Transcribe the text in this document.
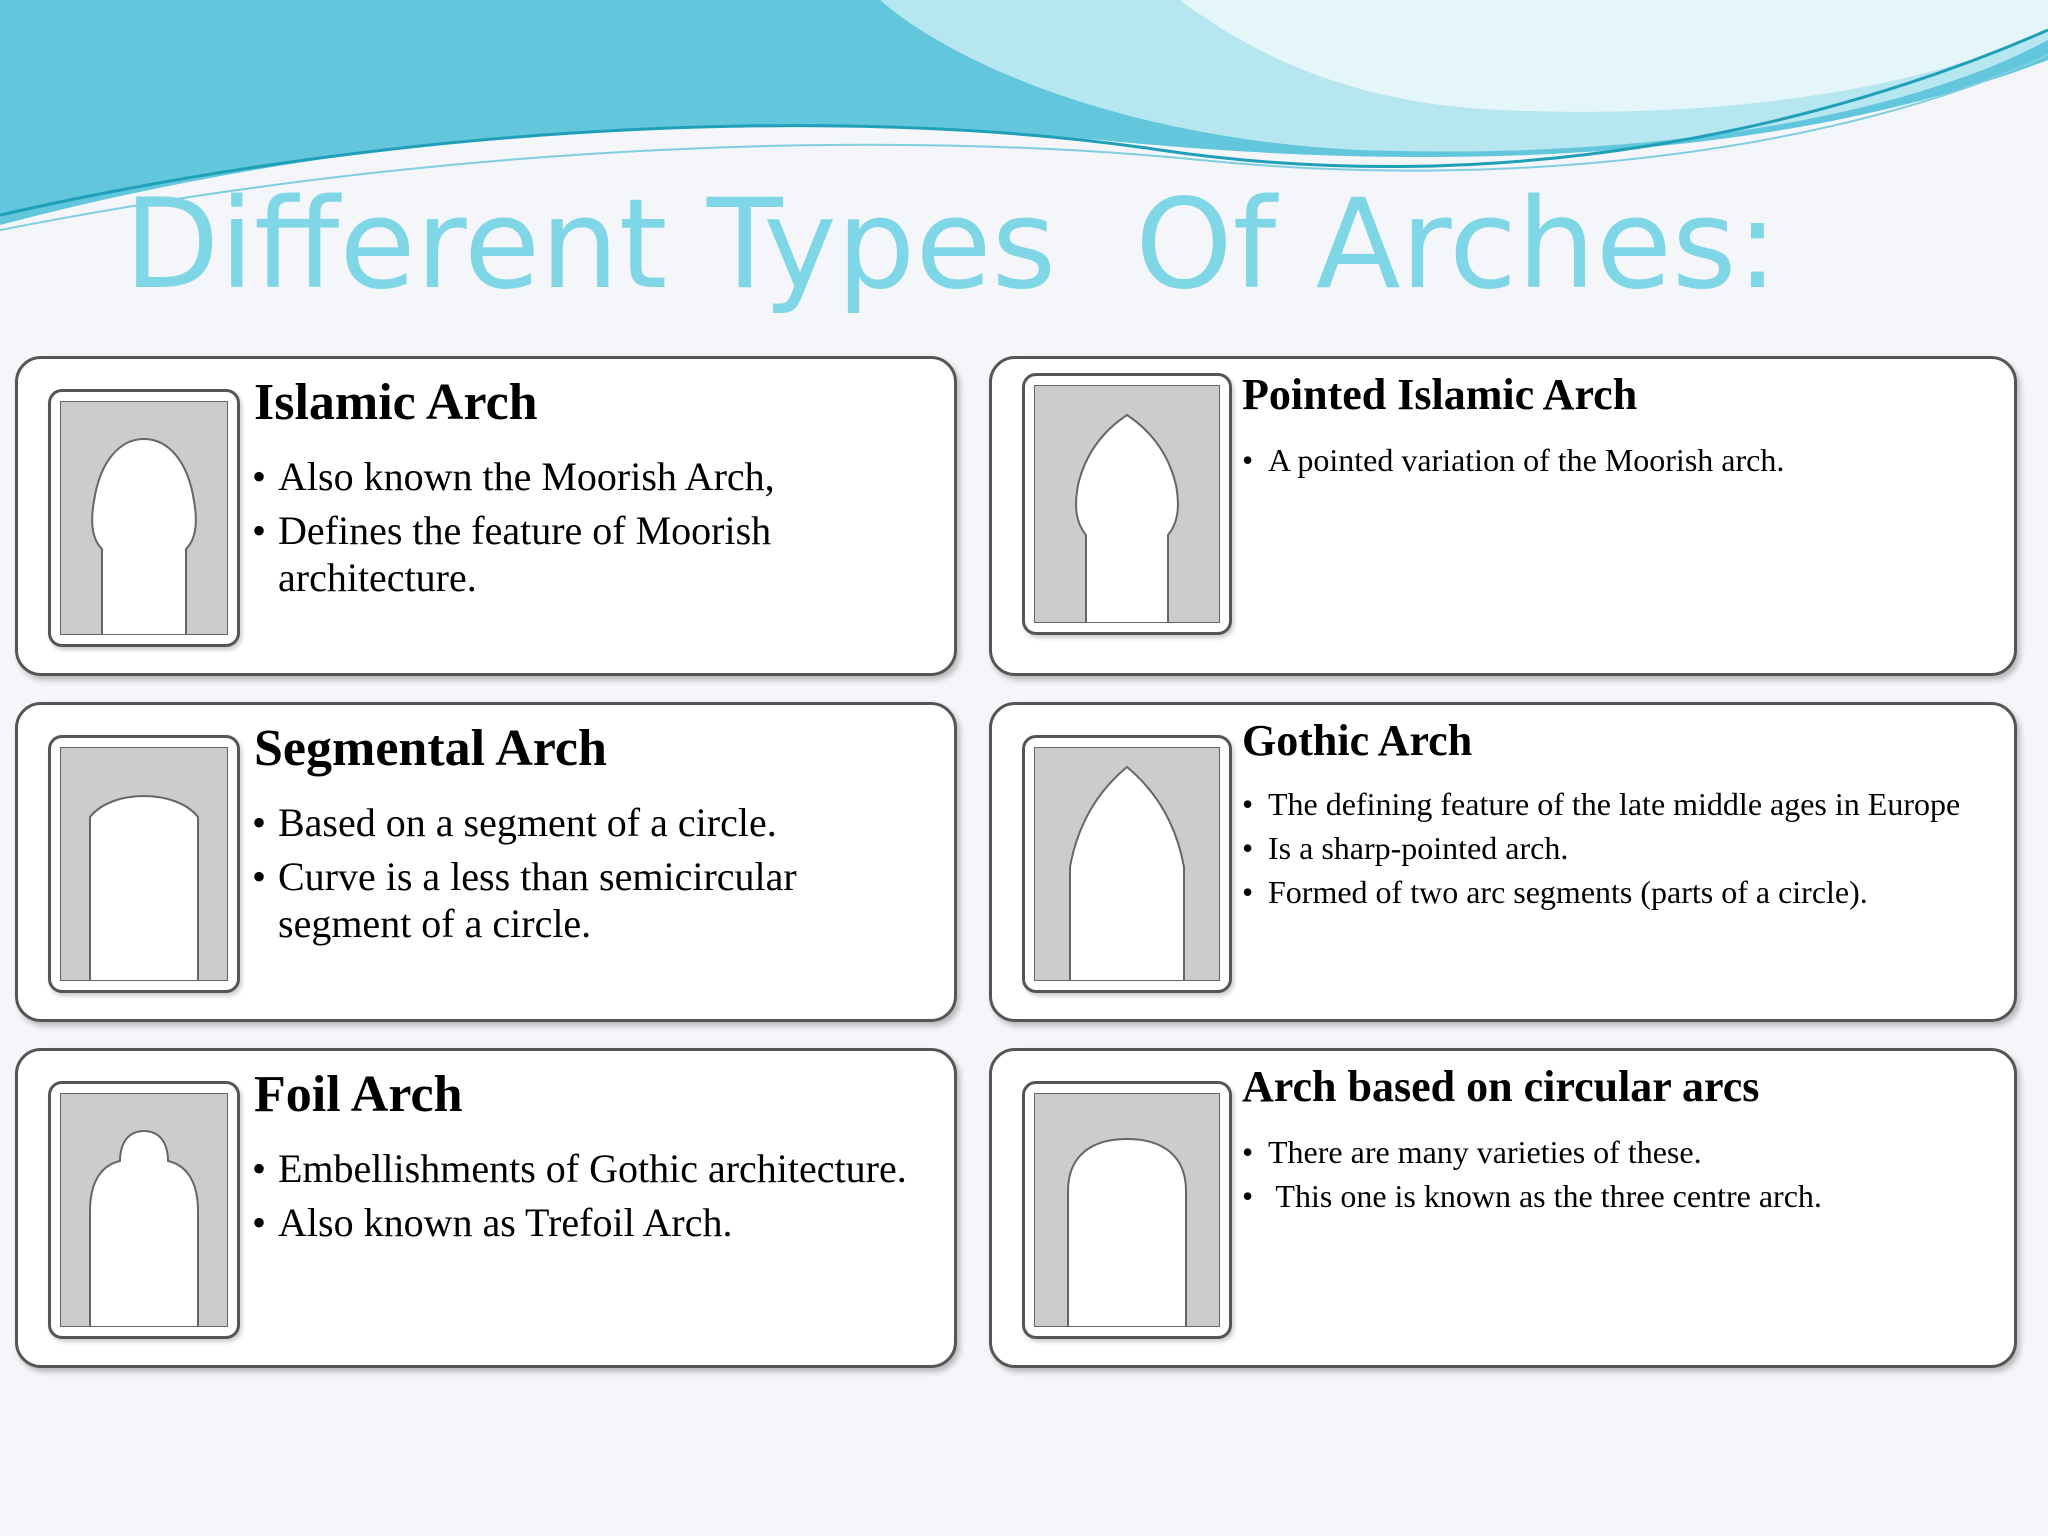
Different Types  Of Arches:
Islamic Arch
• Also known the Moorish Arch,
• Defines the feature of Moorish architecture.
Pointed Islamic Arch
• A pointed variation of the Moorish arch.
Segmental Arch
• Based on a segment of a circle.
• Curve is a less than semicircular segment of a circle.
Gothic Arch
• The defining feature of the late middle ages in Europe
• Is a sharp-pointed arch.
• Formed of two arc segments (parts of a circle).
Foil Arch
• Embellishments of Gothic architecture.
• Also known as Trefoil Arch.
Arch based on circular arcs
• There are many varieties of these.
•  This one is known as the three centre arch.
